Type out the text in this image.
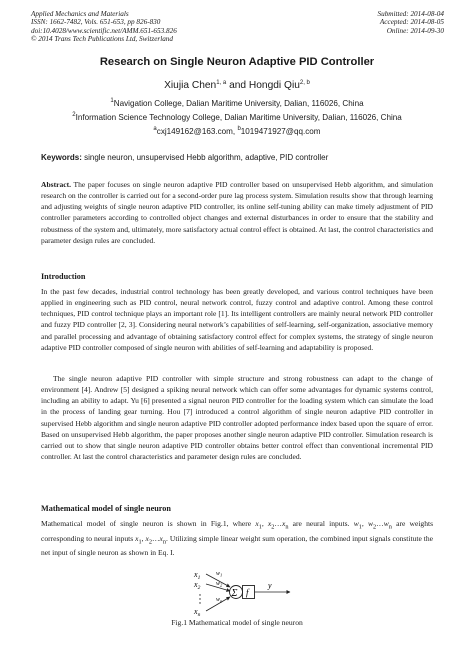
Applied Mechanics and Materials
ISSN: 1662-7482, Vols. 651-653, pp 826-830
doi:10.4028/www.scientific.net/AMM.651-653.826
© 2014 Trans Tech Publications Ltd, Switzerland
Submitted: 2014-08-04
Accepted: 2014-08-05
Online: 2014-09-30
Research on Single Neuron Adaptive PID Controller
Xiujia Chen$^{1, a}$ and Hongdi Qiu$^{2, b}$
$^1$Navigation College, Dalian Maritime University, Dalian, 116026, China
$^2$Information Science Technology College, Dalian Maritime University, Dalian, 116026, China
$^a$cxj149162@163.com, $^b$1019471927@qq.com
Keywords: single neuron, unsupervised Hebb algorithm, adaptive, PID controller
Abstract. The paper focuses on single neuron adaptive PID controller based on unsupervised Hebb algorithm, and simulation research on the controller is carried out for a second-order pure lag process system. Simulation results show that through learning and adjusting weights of single neuron adaptive PID controller, its online self-tuning ability can make timely adjustment of PID controller parameters according to controlled object changes and external disturbances in order to ensure that the stability and robustness of the system and, ultimately, more satisfactory actual control effect is obtained. At last, the control characteristics and parameter design rules are concluded.
Introduction
In the past few decades, industrial control technology has been greatly developed, and various control techniques have been applied in engineering such as PID control, neural network control, fuzzy control and adaptive control. Among these control techniques, PID control technique plays an important role [1]. Its intelligent controllers are mainly neural network PID controller and fuzzy PID controller [2, 3]. Considering neural network’s capabilities of self-learning, self-organization, associative memory and parallel processing and advantage of obtaining satisfactory control effect for complex systems, the strategy of single neuron adaptive PID controller composed of single neuron with abilities of self-learning and adaptability is proposed.
The single neuron adaptive PID controller with simple structure and strong robustness can adapt to the change of environment [4]. Andrew [5] designed a spiking neural network which can offer some advantages for dynamic systems control, including an ability to adapt. Yu [6] presented a signal neuron PID controller for the loading system which can simulate the load in the process of landing gear turning. Hou [7] introduced a control algorithm of single neuron adaptive PID controller in supervised Hebb algorithm and single neuron adaptive PID controller adopted performance index based upon the square of error. Based on unsupervised Hebb algorithm, the paper proposes another single neuron adaptive PID controller. Simulation research is carried out to show that single neuron adaptive PID controller obtains better control effect than conventional incremental PID controller. At last the control characteristics and parameter design rules are concluded.
Mathematical model of single neuron
Mathematical model of single neuron is shown in Fig.1, where $x_1$, $x_2\dots x_n$ are neural inputs. $w_1$, $w_2\dots w_n$ are weights corresponding to neural inputs $x_1$, $x_2\dots x_n$. Utilizing simple linear weight sum operation, the combined input signals constitute the net input of single neuron as shown in Eq. I.
$x_1$
$x_2$
$x_n$
$w_1$
$w_2$
$w_n$
Σ f
y
Fig.1 Mathematical model of single neuron
